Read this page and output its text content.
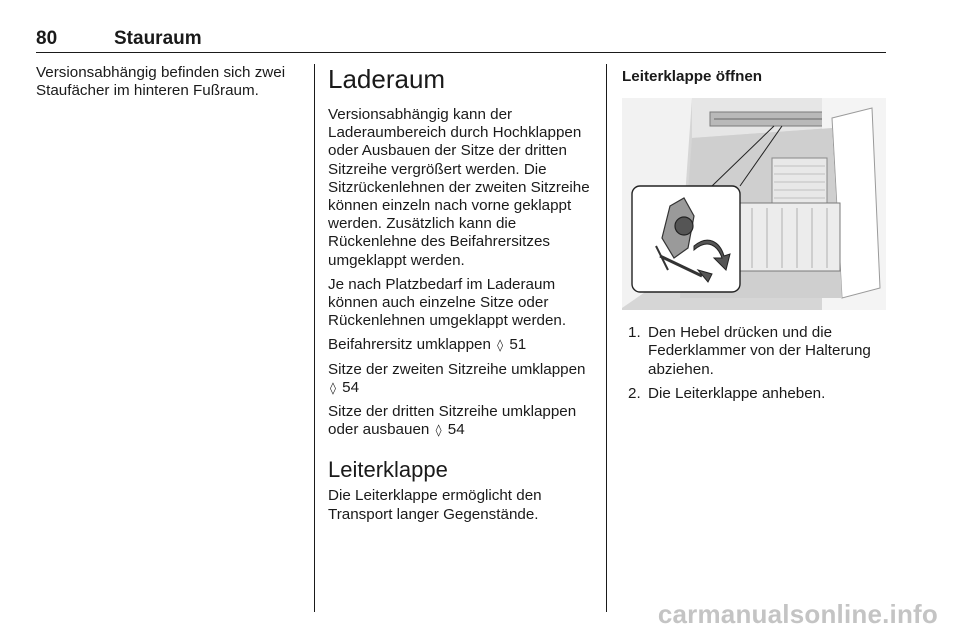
80	Stauraum

Versionsabhängig befinden sich zwei Staufächer im hinteren Fußraum.	Laderaum

Versionsabhängig kann der Laderaumbereich durch Hochklappen oder Ausbauen der Sitze der dritten Sitzreihe vergrößert werden. Die Sitzrückenlehnen der zweiten Sitzreihe können einzeln nach vorne geklappt werden. Zusätzlich kann die Rückenlehne des Beifahrersitzes umgeklappt werden.

Je nach Platzbedarf im Laderaum können auch einzelne Sitze oder Rückenlehnen umgeklappt werden.

Beifahrersitz umklappen ◊ 51

Sitze der zweiten Sitzreihe umklappen ◊ 54

Sitze der dritten Sitzreihe umklappen oder ausbauen ◊ 54

Leiterklappe

Die Leiterklappe ermöglicht den Transport langer Gegenstände.

Leiterklappe öffnen
1. Den Hebel drücken und die Federklammer von der Halterung abziehen.
2. Die Leiterklappe anheben.
carmanualsonline.info
